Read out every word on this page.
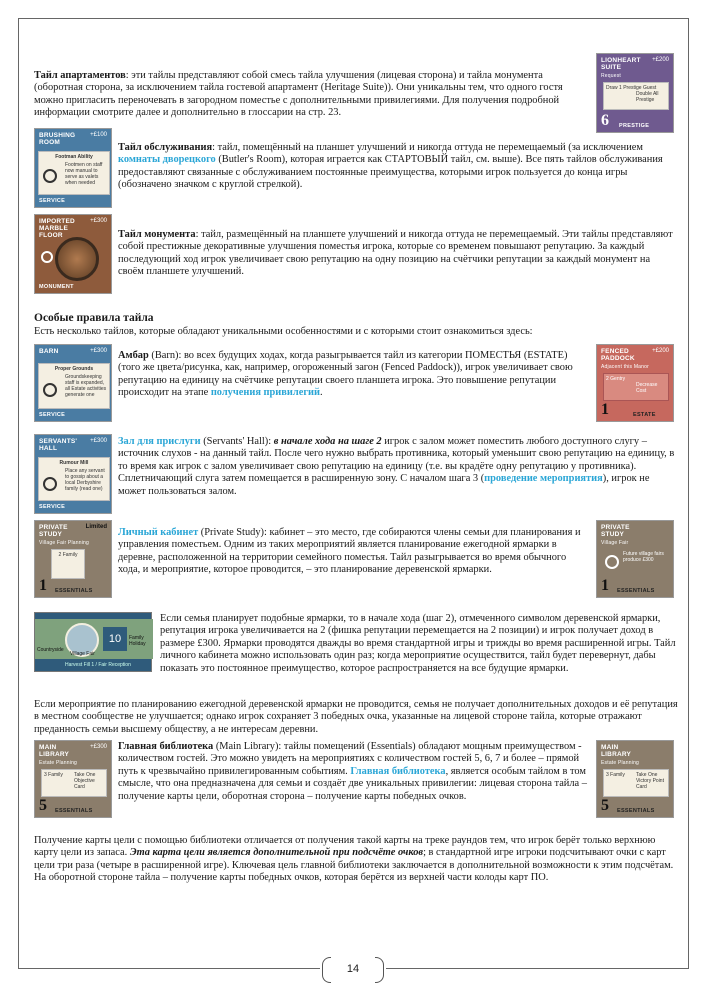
14
Тайл апартаментов: эти тайлы представляют собой смесь тайла улучшения (лицевая сторона) и тайла монумента (оборотная сторона, за исключением тайла гостевой апартамент (Heritage Suite)). Они уникальны тем, что одного гостя можно пригласить переночевать в загородном поместье с дополнительными привилегиями. Для получения подробной информации смотрите далее и дополнительно в глоссарии на стр. 23.
LIONHEART SUITE
+£200
Request
Draw 1 Prestige Guest
Double All Prestige
6 PRESTIGE
BRUSHING ROOM
+£100
Footman Ability
Footmen on staff now manual to serve as valets when needed
SERVICE
Тайл обслуживания: тайл, помещённый на планшет улучшений и никогда оттуда не перемещаемый (за исключением комнаты дворецкого (Butler's Room), которая играется как СТАРТОВЫЙ тайл, см. выше). Все пять тайлов обслуживания предоставляют связанные с обслуживанием постоянные преимущества, которыми игрок пользуется до конца игры (обозначено значком с круглой стрелкой).
IMPORTED MARBLE FLOOR
+£300
MONUMENT
Тайл монумента: тайл, размещённый на планшете улучшений и никогда оттуда не перемещаемый. Эти тайлы представляют собой престижные декоративные улучшения поместья игрока, которые со временем повышают репутацию. За каждый последующий ход игрок увеличивает свою репутацию на одну позицию на счётчики репутации за каждый монумент на своём планшете улучшений.
Особые правила тайла
Есть несколько тайлов, которые обладают уникальными особенностями и с которыми стоит ознакомиться здесь:
BARN	+£300
Proper Grounds
Groundskeeping staff is expanded, all Estate activities generate one
SERVICE
Амбар (Barn): во всех будущих ходах, когда разыгрывается тайл из категории ПОМЕСТЬЯ (ESTATE) (того же цвета/рисунка, как, например, огороженный загон (Fenced Paddock)), игрок увеличивает свою репутацию на единицу на счётчике репутации своего планшета игрока. Это повышение репутации происходит на этапе получения привилегий.
FENCED PADDOCK
+£200
Adjacent this Manor
2 Gentry
Decrease Cost
1	ESTATE
SERVANTS' HALL
+£300
Rumour Mill
Place any servant to gossip about a local Derbyshire family (read one)
SERVICE
Зал для прислуги (Servants' Hall): в начале хода на шаге 2 игрок с залом может поместить любого доступного слугу – источник слухов - на данный тайл. После чего нужно выбрать противника, который уменьшит свою репутацию на единицу, в то время как игрок с залом увеличивает свою репутацию на единицу (т.е. вы крадёте одну репутацию у противника). Сплетничающий слуга затем помещается в расширенную зону. С началом шага 3 (проведение мероприятия), игрок не может пользоваться залом.
PRIVATE STUDY
Limited
Village Fair Planning
2 Family
1 ESSENTIALS
Личный кабинет (Private Study): кабинет – это место, где собираются члены семьи для планирования и управления поместьем. Одним из таких мероприятий является планирование ежегодной ярмарки в деревне, расположенной на территории семейного поместья. Тайл разыгрывается во время обычного хода, и мероприятие, которое проводится, – это планирование деревенской ярмарки.
PRIVATE STUDY
Village Fair
Future village fairs produce £300
1 ESSENTIALS
Countryside
Village Fair
10	Family Holiday
Harvest Fill 1 / Fair Reception
Если семья планирует подобные ярмарки, то в начале хода (шаг 2), отмеченного символом деревенской ярмарки, репутация игрока увеличивается на 2 (фишка репутации перемещается на 2 позиции) и игрок получает доход в размере £300. Ярмарки проводятся дважды во время стандартной игры и трижды во время расширенной игры. Тайл личного кабинета можно использовать один раз; когда мероприятие осуществится, тайл будет перевернут, дабы показать это постоянное преимущество, которое распространяется на все будущие ярмарки.
Если мероприятие по планированию ежегодной деревенской ярмарки не проводится, семья не получает дополнительных доходов и её репутация в местном сообществе не улучшается; однако игрок сохраняет 3 победных очка, указанные на лицевой стороне тайла, которые отражают преданность семьи высшему обществу, а не интересам деревни.
MAIN LIBRARY
+£300
Estate Planning
3 Family	Take One Objective Card
5 ESSENTIALS
Главная библиотека (Main Library): тайлы помещений (Essentials) обладают мощным преимуществом - количеством гостей. Это можно увидеть на мероприятиях с количеством гостей 5, 6, 7 и более – прямой путь к чрезвычайно привилегированным событиям. Главная библиотека, является особым тайлом в том смысле, что она предназначена для семьи и создаёт две уникальных привилегии: лицевая сторона тайла – получение карты цели, оборотная сторона – получение карты победных очков.
MAIN LIBRARY
Estate Planning
3 Family	Take One Victory Point Card
5 ESSENTIALS
Получение карты цели с помощью библиотеки отличается от получения такой карты на треке раундов тем, что игрок берёт только верхнюю карту цели из запаса. Эта карта цели является дополнительной при подсчёте очков; в стандартной игре игроки подсчитывают очки с карт цели три раза (четыре в расширенной игре). Ключевая цель главной библиотеки заключается в дополнительной возможности к этим подсчётам. На оборотной стороне тайла – получение карты победных очков, которая берётся из верхней части колоды карт ПО.
